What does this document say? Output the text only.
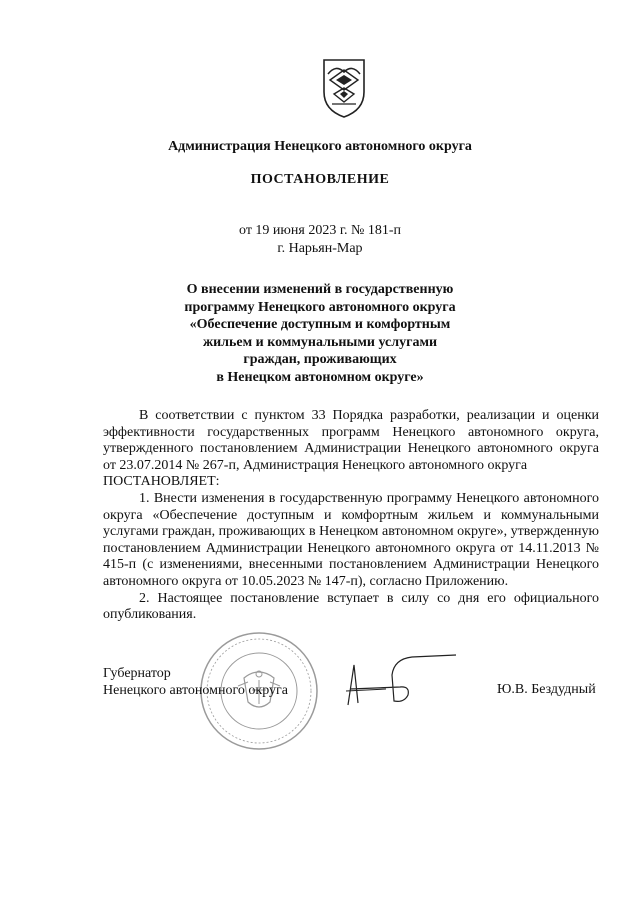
Администрация Ненецкого автономного округа
ПОСТАНОВЛЕНИЕ
от 19 июня 2023 г. № 181-п
г. Нарьян-Мар
О внесении изменений в государственную
программу Ненецкого автономного округа
«Обеспечение доступным и комфортным
жильем и коммунальными услугами
граждан, проживающих
в Ненецком автономном округе»

В соответствии с пунктом 33 Порядка разработки, реализации и оценки эффективности государственных программ Ненецкого автономного округа, утвержденного постановлением Администрации Ненецкого автономного округа от 23.07.2014 № 267-п, Администрация Ненецкого автономного округа

ПОСТАНОВЛЯЕТ:

1. Внести изменения в государственную программу Ненецкого автономного округа «Обеспечение доступным и комфортным жильем и коммунальными услугами граждан, проживающих в Ненецком автономном округе», утвержденную постановлением Администрации Ненецкого автономного округа от 14.11.2013 № 415-п (с изменениями, внесенными постановлением Администрации Ненецкого автономного округа от 10.05.2023 № 147-п), согласно Приложению.

2. Настоящее постановление вступает в силу со дня его официального опубликования.

Губернатор
Ненецкого автономного округа	Ю.В. Бездудный
